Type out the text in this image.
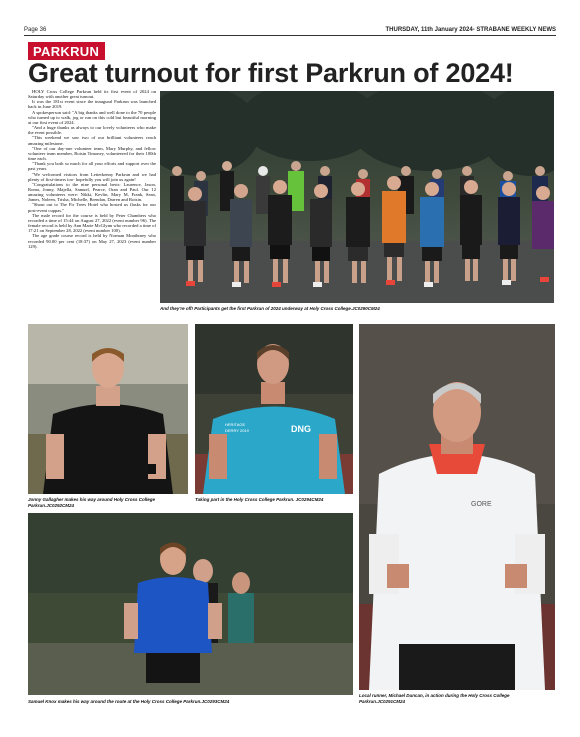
Page 36	THURSDAY, 11th January 2024- STRABANE WEEKLY NEWS
PARKRUN
Great turnout for first Parkrun of 2024!

HOLY Cross College Parkrun held its first event of 2024 on Saturday with another great turnout.

It was the 181st event since the inaugural Parkrun was launched back in June 2019.

A spokesperson said: "A big thanks and well done to the 70 people who turned up to walk, jog or run on this cold but beautiful morning at our first event of 2024.

"And a huge thanks as always to our lovely volunteers who make the event possible.

"This weekend we saw two of our brilliant volunteers reach amazing milestone.

"One of our day-one volunteer team, Mary Murphy, and fellow volunteer team member, Roisin Timoney, volunteered for their 100th time each.

"Thank you both so much for all your efforts and support over the past years.

"We welcomed visitors from Letterkenny Parkrun and we had plenty of first-timers too- hopefully you will join us again!

"Congratulations to the nine personal bests: Laurence, Jason, Roma, Jonny, Majella, Samuel, Pearce, Oran and Paul. Our 12 amazing volunteers were: Nikki, Kevlin, Mary M, Frank, Sean, James, Noleen, Trisha, Michelle, Brendan, Darren and Roisin.

"Shout out to The Fir Trees Hotel who hosted us flasks for our post-event cuppas."

The male record for the course is held by Peter Chambers who recorded a time of 15:44 on August 27, 2022 (event number 96). The female record is held by Ann Marie McGlynn who recorded a time of 17:21 on September 28, 2022 (event number 100).

The age grade course record is held by Norman Monihtney who recorded 90.00 per cent (18:37) on May 27, 2023 (event number 129).

And they're off! Participants get the first Parkrun of 2024 underway at Holy Cross College.JC0290CM24
Jonny Gallagher makes his way around Holy Cross College Parkrun.JC0292CM24
DNG
HERITAGE
DERRY 2019
Taking part in the Holy Cross College Parkrun. JC0294CM24
GORE
Local runner, Michael Duncan, in action during the Holy Cross College Parkrun.JC0291CM24
Samuel Knox makes his way around the route at the Holy Cross College Parkrun.JC0293CM24
